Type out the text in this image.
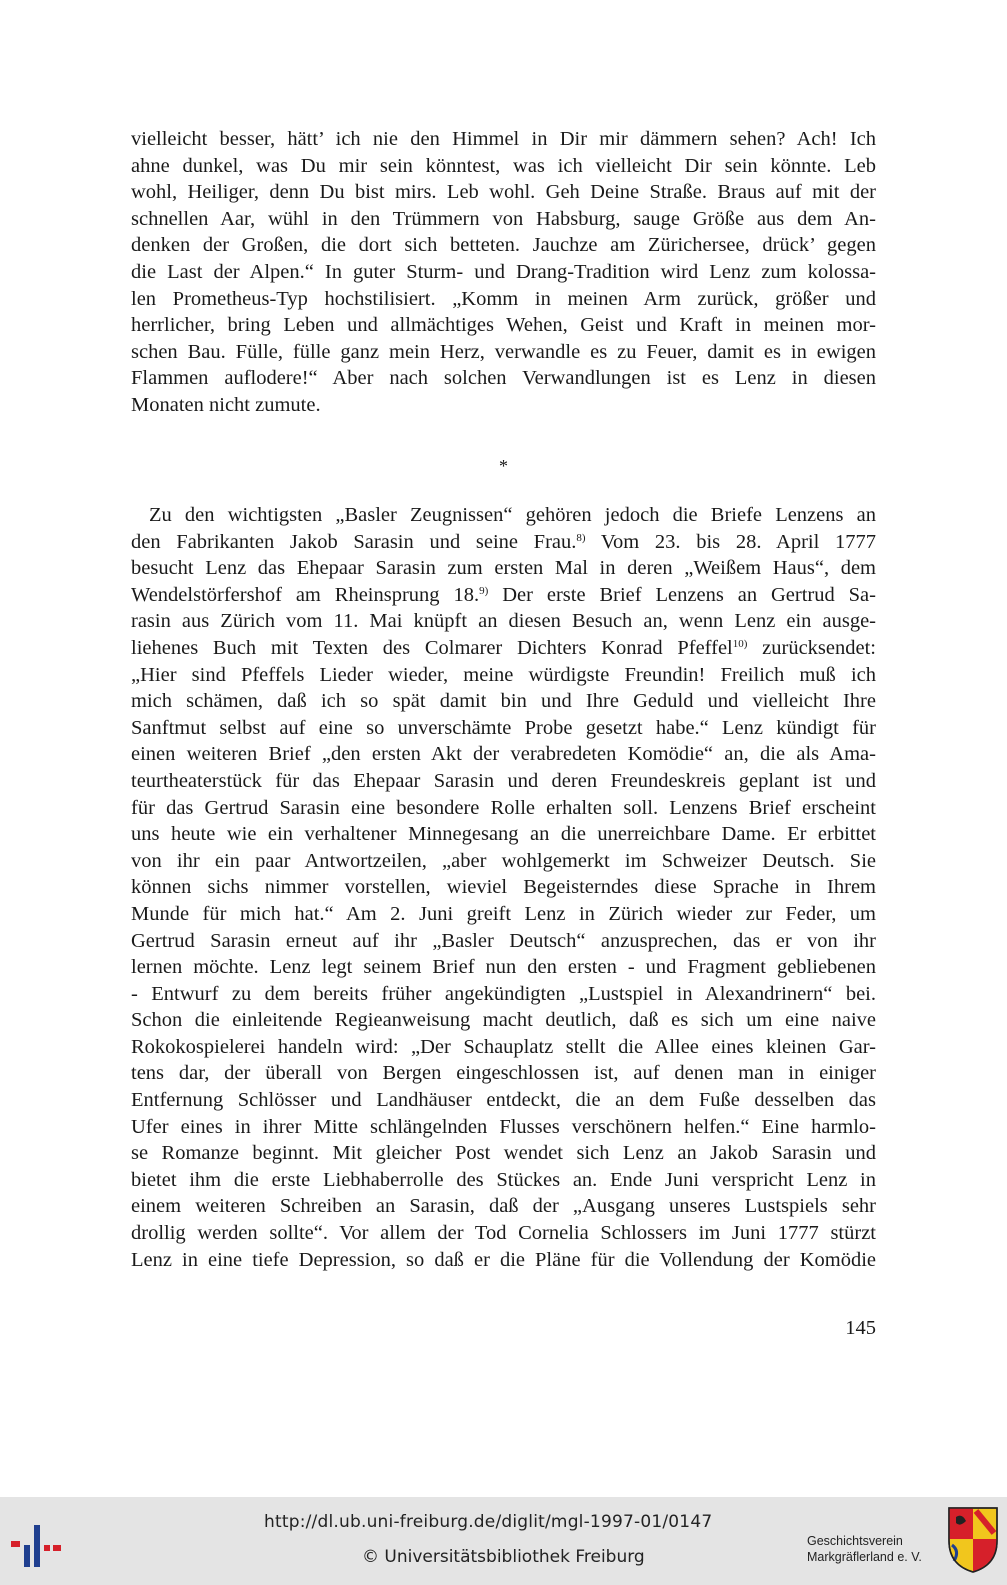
vielleicht besser, hätt’ ich nie den Himmel in Dir mir dämmern sehen? Ach! Ich
ahne dunkel, was Du mir sein könntest, was ich vielleicht Dir sein könnte. Leb
wohl, Heiliger, denn Du bist mirs. Leb wohl. Geh Deine Straße. Braus auf mit der
schnellen Aar, wühl in den Trümmern von Habsburg, sauge Größe aus dem An-
denken der Großen, die dort sich betteten. Jauchze am Zürichersee, drück’ gegen
die Last der Alpen.“ In guter Sturm- und Drang-Tradition wird Lenz zum kolossa-
len Prometheus-Typ hochstilisiert. „Komm in meinen Arm zurück, größer und
herrlicher, bring Leben und allmächtiges Wehen, Geist und Kraft in meinen mor-
schen Bau. Fülle, fülle ganz mein Herz, verwandle es zu Feuer, damit es in ewigen
Flammen auflodere!“ Aber nach solchen Verwandlungen ist es Lenz in diesen
Monaten nicht zumute.
*
Zu den wichtigsten „Basler Zeugnissen“ gehören jedoch die Briefe Lenzens an
den Fabrikanten Jakob Sarasin und seine Frau.$^{8)}$ Vom 23. bis 28. April 1777
besucht Lenz das Ehepaar Sarasin zum ersten Mal in deren „Weißem Haus“, dem
Wendelstörfershof am Rheinsprung 18.$^{9)}$ Der erste Brief Lenzens an Gertrud Sa-
rasin aus Zürich vom 11. Mai knüpft an diesen Besuch an, wenn Lenz ein ausge-
liehenes Buch mit Texten des Colmarer Dichters Konrad Pfeffel$^{10)}$ zurücksendet:
„Hier sind Pfeffels Lieder wieder, meine würdigste Freundin! Freilich muß ich
mich schämen, daß ich so spät damit bin und Ihre Geduld und vielleicht Ihre
Sanftmut selbst auf eine so unverschämte Probe gesetzt habe.“ Lenz kündigt für
einen weiteren Brief „den ersten Akt der verabredeten Komödie“ an, die als Ama-
teurtheaterstück für das Ehepaar Sarasin und deren Freundeskreis geplant ist und
für das Gertrud Sarasin eine besondere Rolle erhalten soll. Lenzens Brief erscheint
uns heute wie ein verhaltener Minnegesang an die unerreichbare Dame. Er erbittet
von ihr ein paar Antwortzeilen, „aber wohlgemerkt im Schweizer Deutsch. Sie
können sichs nimmer vorstellen, wieviel Begeisterndes diese Sprache in Ihrem
Munde für mich hat.“ Am 2. Juni greift Lenz in Zürich wieder zur Feder, um
Gertrud Sarasin erneut auf ihr „Basler Deutsch“ anzusprechen, das er von ihr
lernen möchte. Lenz legt seinem Brief nun den ersten - und Fragment gebliebenen
- Entwurf zu dem bereits früher angekündigten „Lustspiel in Alexandrinern“ bei.
Schon die einleitende Regieanweisung macht deutlich, daß es sich um eine naive
Rokokospielerei handeln wird: „Der Schauplatz stellt die Allee eines kleinen Gar-
tens dar, der überall von Bergen eingeschlossen ist, auf denen man in einiger
Entfernung Schlösser und Landhäuser entdeckt, die an dem Fuße desselben das
Ufer eines in ihrer Mitte schlängelnden Flusses verschönern helfen.“ Eine harmlo-
se Romanze beginnt. Mit gleicher Post wendet sich Lenz an Jakob Sarasin und
bietet ihm die erste Liebhaberrolle des Stückes an. Ende Juni verspricht Lenz in
einem weiteren Schreiben an Sarasin, daß der „Ausgang unseres Lustspiels sehr
drollig werden sollte“. Vor allem der Tod Cornelia Schlossers im Juni 1777 stürzt
Lenz in eine tiefe Depression, so daß er die Pläne für die Vollendung der Komödie
145
http://dl.ub.uni-freiburg.de/diglit/mgl-1997-01/0147
© Universitätsbibliothek Freiburg
Geschichtsverein
Markgräflerland e. V.
